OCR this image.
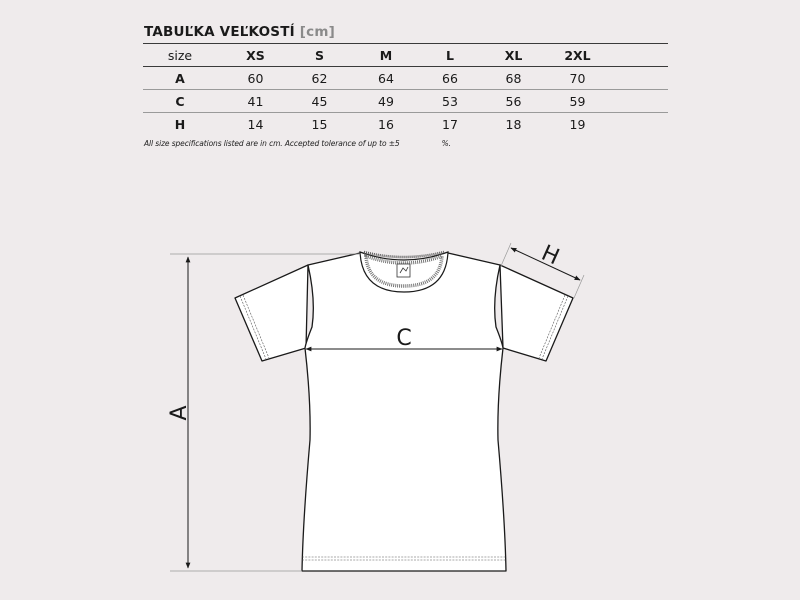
TABUĽKA VEĽKOSTÍ [cm]
size	XS	S	M	L	XL	2XL	
A	60	62	64	66	68	70	
C	41	45	49	53	56	59	
H	14	15	16	17	18	19	
All size specifications listed are in cm. Accepted tolerance of up to ±5	%.
A
C
H
